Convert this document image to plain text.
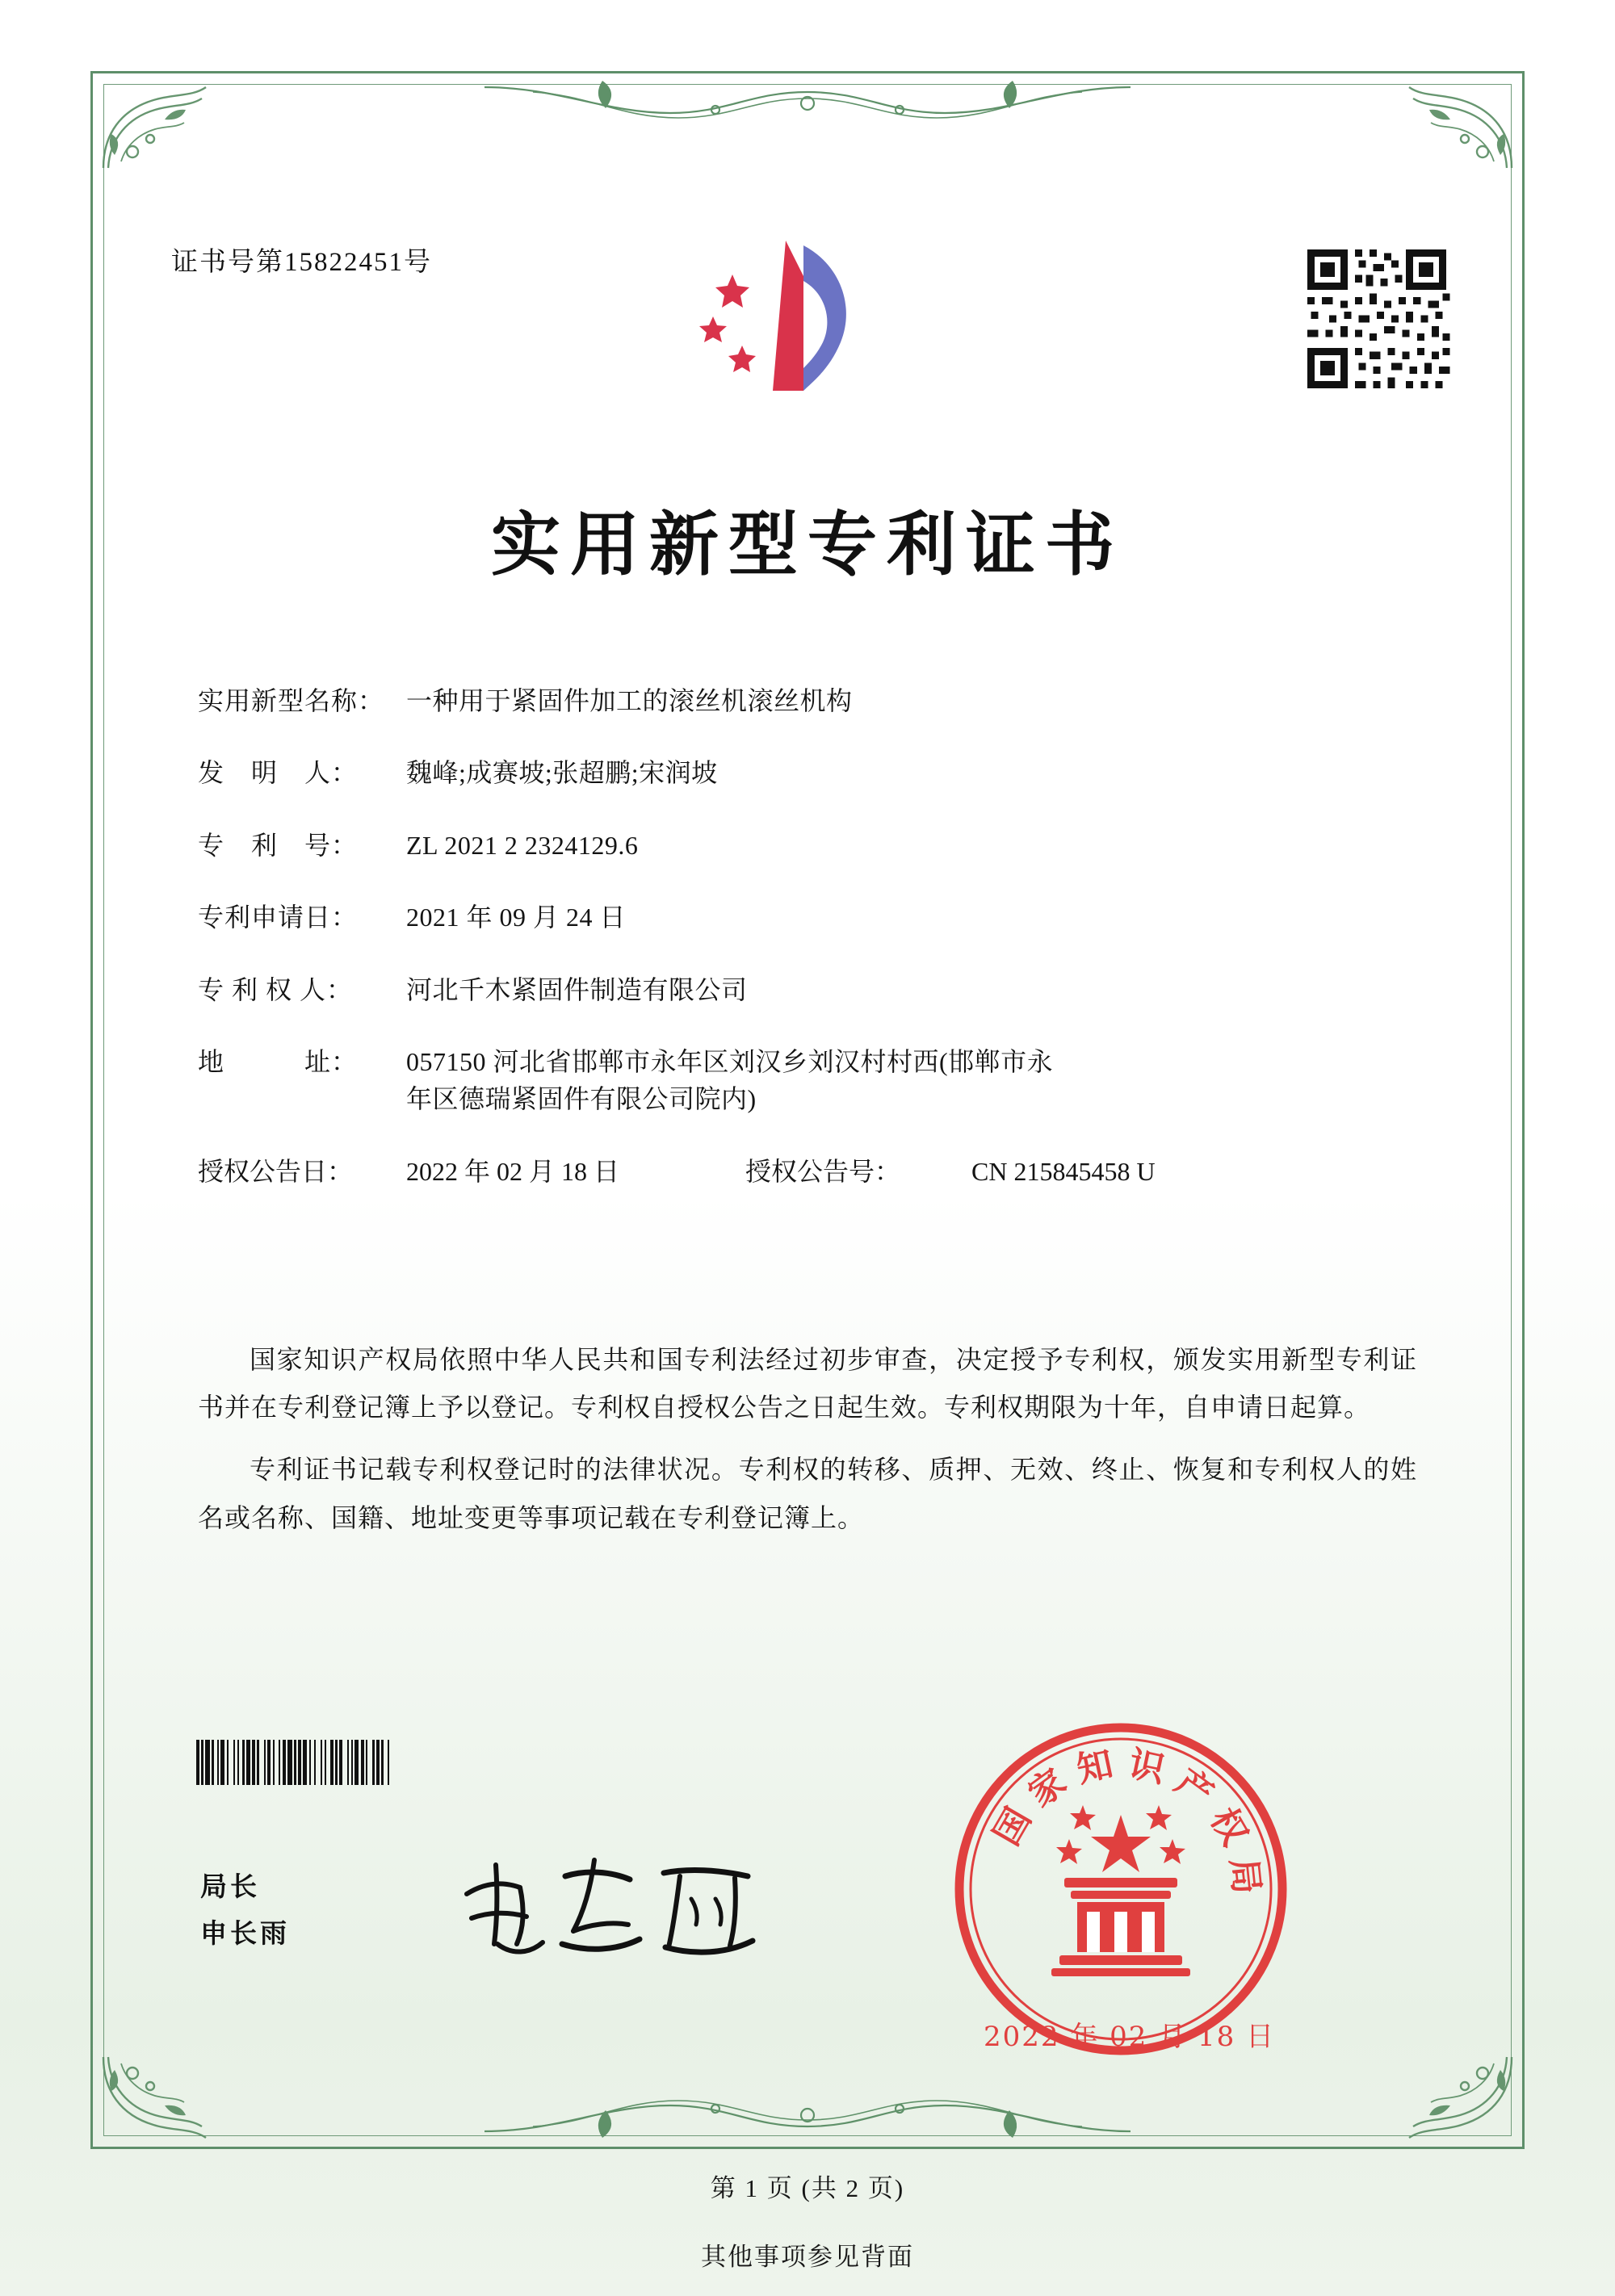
证书号第15822451号
实用新型专利证书
实用新型名称： 一种用于紧固件加工的滚丝机滚丝机构
发　明　人：	魏峰;成赛坡;张超鹏;宋润坡
专　利　号：	ZL 2021 2 2324129.6
专利申请日：	2021 年 09 月 24 日
专 利 权 人：	河北千木紧固件制造有限公司
地　　　址：	057150 河北省邯郸市永年区刘汉乡刘汉村村西(邯郸市永
年区德瑞紧固件有限公司院内)
授权公告日：	2022 年 02 月 18 日	授权公告号：	CN 215845458 U

国家知识产权局依照中华人民共和国专利法经过初步审查，决定授予专利权，颁发实用新型专利证书并在专利登记簿上予以登记。专利权自授权公告之日起生效。专利权期限为十年，自申请日起算。

专利证书记载专利权登记时的法律状况。专利权的转移、质押、无效、终止、恢复和专利权人的姓名或名称、国籍、地址变更等事项记载在专利登记簿上。

局长
申长雨
国
家 知 识 产
权
局
2022 年 02 月 18 日
第 1 页 (共 2 页)
其他事项参见背面
